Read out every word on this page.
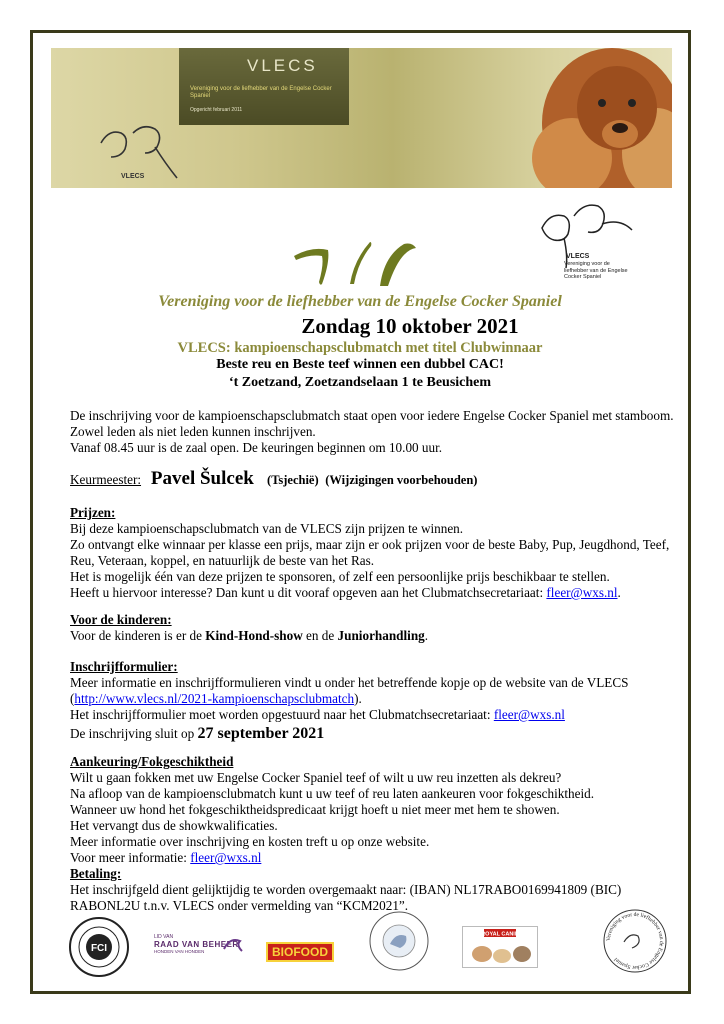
VLECS
Vereniging voor de liefhebber van de Engelse Cocker Spaniel
Opgericht februari 2011
VLECS
VLECS
Vereniging voor de liefhebber van de Engelse Cocker Spaniel
Vereniging voor de liefhebber van de Engelse Cocker Spaniel
Zondag 10 oktober 2021
VLECS: kampioenschapsclubmatch met titel Clubwinnaar
Beste reu en Beste teef winnen een dubbel CAC!
‘t Zoetzand, Zoetzandselaan 1 te Beusichem

De inschrijving voor de kampioenschapsclubmatch staat open voor iedere Engelse Cocker Spaniel met stamboom.

Zowel leden als niet leden kunnen inschrijven.

Vanaf 08.45 uur is de zaal open. De keuringen beginnen om 10.00 uur.

Keurmeester: Pavel Šulcek (Tsjechië) (Wijzigingen voorbehouden)

Prijzen:

Bij deze kampioenschapsclubmatch van de VLECS zijn prijzen te winnen.

Zo ontvangt elke winnaar per klasse een prijs, maar zijn er ook prijzen voor de beste Baby, Pup, Jeugdhond, Teef,

Reu, Veteraan, koppel, en natuurlijk de beste van het Ras.

Het is mogelijk één van deze prijzen te sponsoren, of zelf een persoonlijke prijs beschikbaar te stellen.

Heeft u hiervoor interesse? Dan kunt u dit vooraf opgeven aan het Clubmatchsecretariaat: fleer@wxs.nl.

Voor de kinderen:

Voor de kinderen is er de Kind-Hond-show en de Juniorhandling.

Inschrijfformulier:

Meer informatie en inschrijfformulieren vindt u onder het betreffende kopje op de website van de VLECS

(http://www.vlecs.nl/2021-kampioenschapsclubmatch).

Het inschrijfformulier moet worden opgestuurd naar het Clubmatchsecretariaat: fleer@wxs.nl

De inschrijving sluit op 27 september 2021

Aankeuring/Fokgeschiktheid

Wilt u gaan fokken met uw Engelse Cocker Spaniel teef of wilt u uw reu inzetten als dekreu?

Na afloop van de kampioensclubmatch kunt u uw teef of reu laten aankeuren voor fokgeschiktheid.

Wanneer uw hond het fokgeschiktheidspredicaat krijgt hoeft u niet meer met hem te showen.

Het vervangt dus de showkwalificaties.

Meer informatie over inschrijving en kosten treft u op onze website.

Voor meer informatie: fleer@wxs.nl

Betaling:

Het inschrijfgeld dient gelijktijdig te worden overgemaakt naar: (IBAN) NL17RABO0169941809 (BIC)

RABONL2U t.n.v. VLECS onder vermelding van “KCM2021”.

FCI
LID VAN
RAAD VAN BEHEER
HONDEN VAN HONDEN	BIOFOOD
ROYAL CANIN
Vereniging voor de liefhebber van de Engelse Cocker Spaniel
